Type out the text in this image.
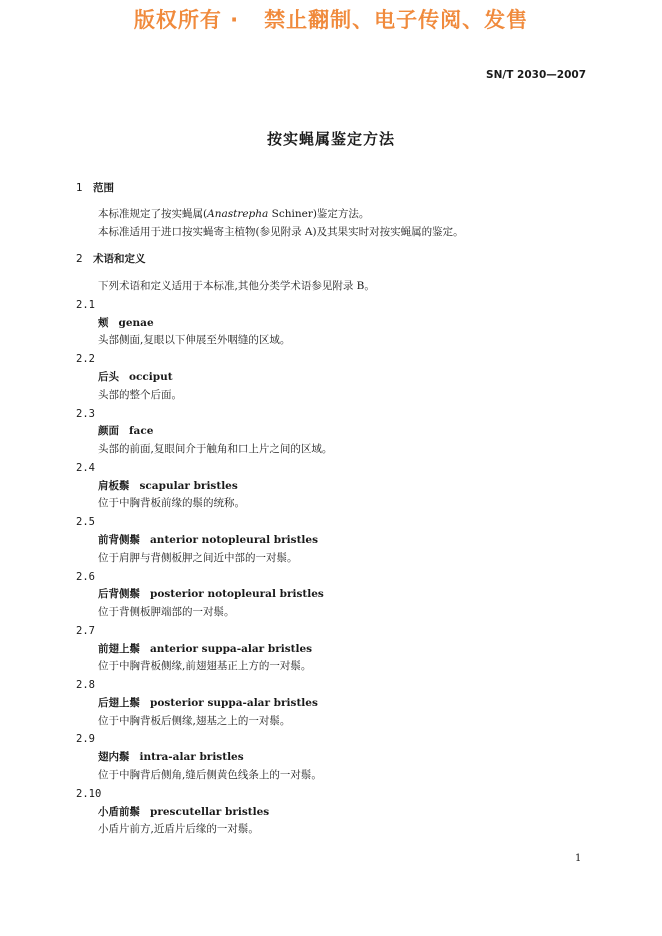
版权所有 ·   禁止翻制、电子传阅、发售
SN/T 2030—2007
按实蝇属鉴定方法
1 范围
本标准规定了按实蝇属(Anastrepha Schiner)鉴定方法。
本标准适用于进口按实蝇寄主植物(参见附录 A)及其果实时对按实蝇属的鉴定。
2 术语和定义
下列术语和定义适用于本标准,其他分类学术语参见附录 B。
2.1
颊 genae
头部侧面,复眼以下伸展至外咽缝的区域。
2.2
后头 occiput
头部的整个后面。
2.3
颜面 face
头部的前面,复眼间介于触角和口上片之间的区域。
2.4
肩板鬃 scapular bristles
位于中胸背板前缘的鬃的统称。
2.5
前背侧鬃 anterior notopleural bristles
位于肩胛与背侧板胛之间近中部的一对鬃。
2.6
后背侧鬃 posterior notopleural bristles
位于背侧板胛端部的一对鬃。
2.7
前翅上鬃 anterior suppa-alar bristles
位于中胸背板侧缘,前翅翅基正上方的一对鬃。
2.8
后翅上鬃 posterior suppa-alar bristles
位于中胸背板后侧缘,翅基之上的一对鬃。
2.9
翅内鬃 intra-alar bristles
位于中胸背后侧角,缝后侧黄色线条上的一对鬃。
2.10
小盾前鬃 prescutellar bristles
小盾片前方,近盾片后缘的一对鬃。
1
